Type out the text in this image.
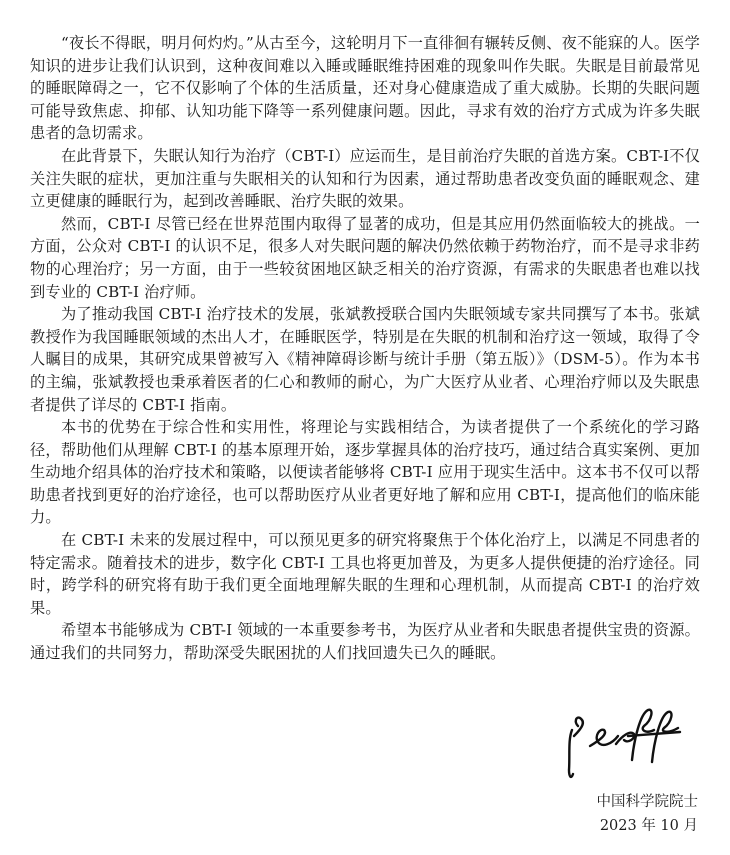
“夜长不得眠，明月何灼灼。”从古至今，这轮明月下一直徘徊有辗转反侧、夜不能寐的人。医学知识的进步让我们认识到，这种夜间难以入睡或睡眠维持困难的现象叫作失眠。失眠是目前最常见的睡眠障碍之一，它不仅影响了个体的生活质量，还对身心健康造成了重大威胁。长期的失眠问题可能导致焦虑、抑郁、认知功能下降等一系列健康问题。因此，寻求有效的治疗方式成为许多失眠患者的急切需求。

在此背景下，失眠认知行为治疗（CBT-I）应运而生，是目前治疗失眠的首选方案。CBT-I不仅关注失眠的症状，更加注重与失眠相关的认知和行为因素，通过帮助患者改变负面的睡眠观念、建立更健康的睡眠行为，起到改善睡眠、治疗失眠的效果。

然而，CBT-I 尽管已经在世界范围内取得了显著的成功，但是其应用仍然面临较大的挑战。一方面，公众对 CBT-I 的认识不足，很多人对失眠问题的解决仍然依赖于药物治疗，而不是寻求非药物的心理治疗；另一方面，由于一些较贫困地区缺乏相关的治疗资源，有需求的失眠患者也难以找到专业的 CBT-I 治疗师。

为了推动我国 CBT-I 治疗技术的发展，张斌教授联合国内失眠领域专家共同撰写了本书。张斌教授作为我国睡眠领域的杰出人才，在睡眠医学，特别是在失眠的机制和治疗这一领域，取得了令人瞩目的成果，其研究成果曾被写入《精神障碍诊断与统计手册（第五版）》（DSM-5）。作为本书的主编，张斌教授也秉承着医者的仁心和教师的耐心，为广大医疗从业者、心理治疗师以及失眠患者提供了详尽的 CBT-I 指南。

本书的优势在于综合性和实用性，将理论与实践相结合，为读者提供了一个系统化的学习路径，帮助他们从理解 CBT-I 的基本原理开始，逐步掌握具体的治疗技巧，通过结合真实案例、更加生动地介绍具体的治疗技术和策略，以便读者能够将 CBT-I 应用于现实生活中。这本书不仅可以帮助患者找到更好的治疗途径，也可以帮助医疗从业者更好地了解和应用 CBT-I，提高他们的临床能力。

在 CBT-I 未来的发展过程中，可以预见更多的研究将聚焦于个体化治疗上，以满足不同患者的特定需求。随着技术的进步，数字化 CBT-I 工具也将更加普及，为更多人提供便捷的治疗途径。同时，跨学科的研究将有助于我们更全面地理解失眠的生理和心理机制，从而提高 CBT-I 的治疗效果。

希望本书能够成为 CBT-I 领域的一本重要参考书，为医疗从业者和失眠患者提供宝贵的资源。通过我们的共同努力，帮助深受失眠困扰的人们找回遗失已久的睡眠。

中国科学院院士
2023 年 10 月
